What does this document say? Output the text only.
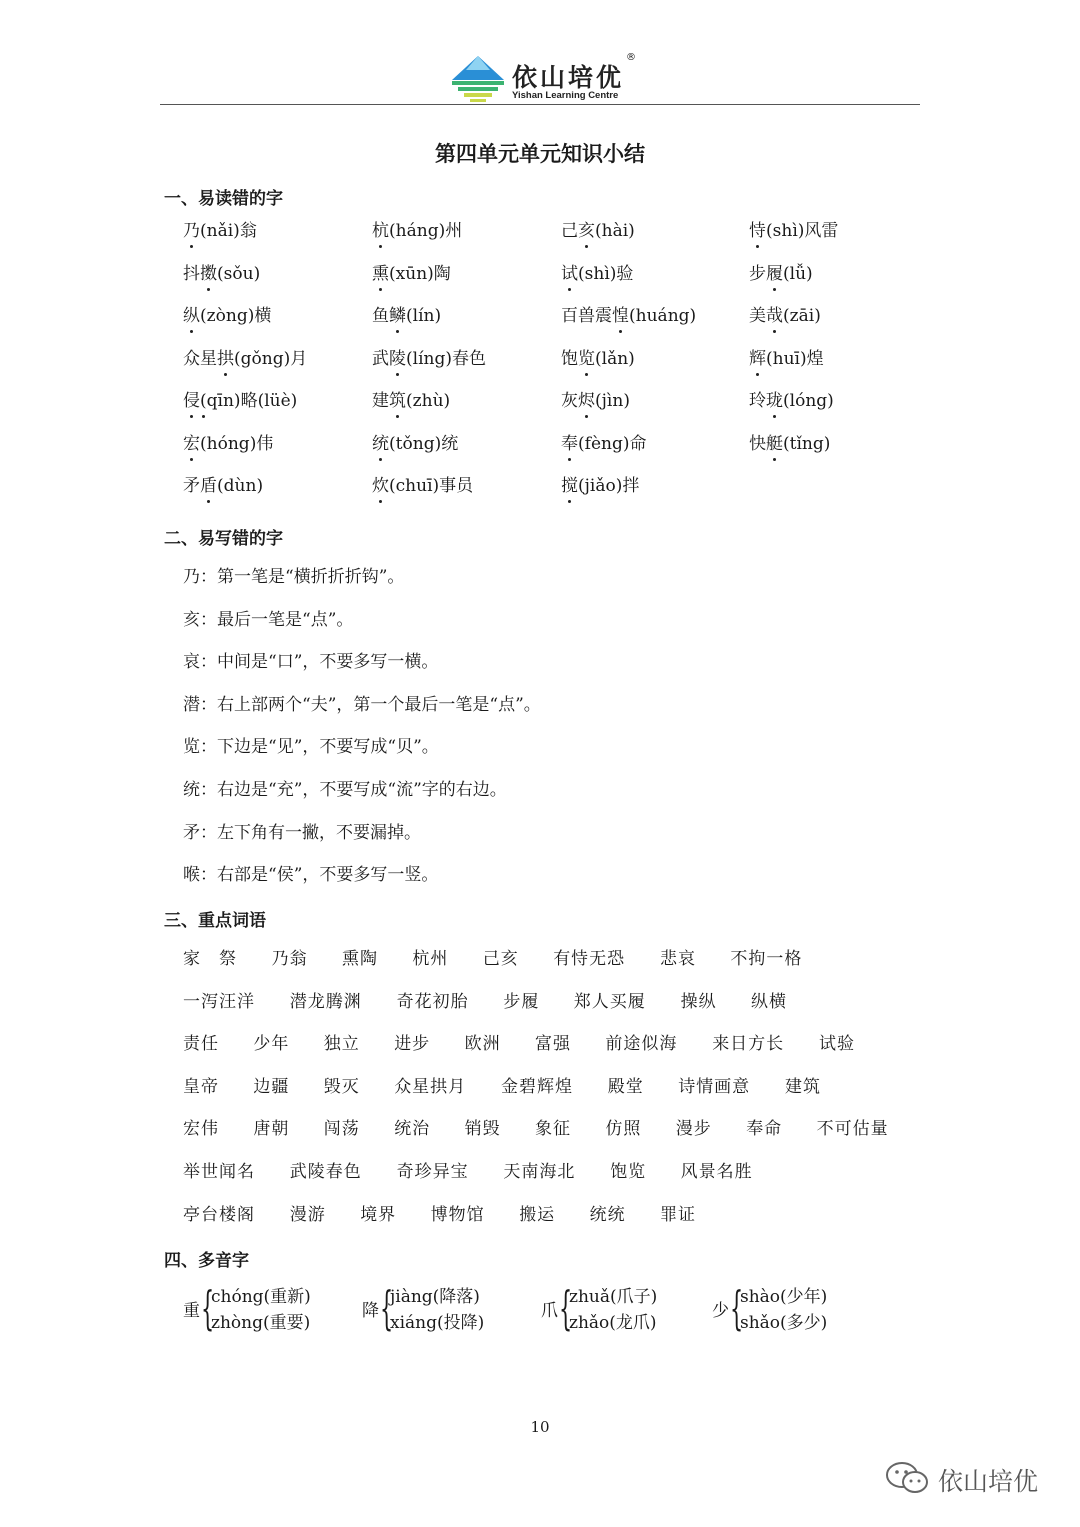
依山培优
®
Yishan Learning Centre
第四单元单元知识小结
一、易读错的字
乃(nǎi)翁	杭(háng)州	己亥(hài)	恃(shì)风雷
抖擞(sǒu)	熏(xūn)陶	试(shì)验	步履(lǚ)
纵(zòng)横	鱼鳞(lín)	百兽震惶(huáng)	美哉(zāi)
众星拱(gǒng)月	武陵(líng)春色	饱览(lǎn)	辉(huī)煌
侵(qīn)略(lüè)	建筑(zhù)	灰烬(jìn)	玲珑(lóng)
宏(hóng)伟	统(tǒng)统	奉(fèng)命	快艇(tǐng)
矛盾(dùn)	炊(chuī)事员	搅(jiǎo)拌
二、易写错的字
乃：第一笔是“横折折折钩”。
亥：最后一笔是“点”。
哀：中间是“口”，不要多写一横。
潜：右上部两个“夫”，第一个最后一笔是“点”。
览：下边是“见”，不要写成“贝”。
统：右边是“充”，不要写成“流”字的右边。
矛：左下角有一撇，不要漏掉。
喉：右部是“侯”，不要多写一竖。
三、重点词语
家　祭 乃翁 熏陶 杭州 己亥 有恃无恐 悲哀 不拘一格
一泻汪洋 潜龙腾渊 奇花初胎 步履 郑人买履 操纵 纵横
责任 少年 独立 进步 欧洲 富强 前途似海 来日方长 试验
皇帝 边疆 毁灭 众星拱月 金碧辉煌 殿堂 诗情画意 建筑
宏伟 唐朝 闯荡 统治 销毁 象征 仿照 漫步 奉命 不可估量
举世闻名 武陵春色 奇珍异宝 天南海北 饱览 风景名胜
亭台楼阁 漫游 境界 博物馆 搬运 统统 罪证
四、多音字
重 {
chóng(重新)
zhòng(重要)
降 {
jiàng(降落)
xiáng(投降)
爪 {
zhuǎ(爪子)
zhǎo(龙爪)
少 {
shào(少年)
shǎo(多少)
10
依山培优
